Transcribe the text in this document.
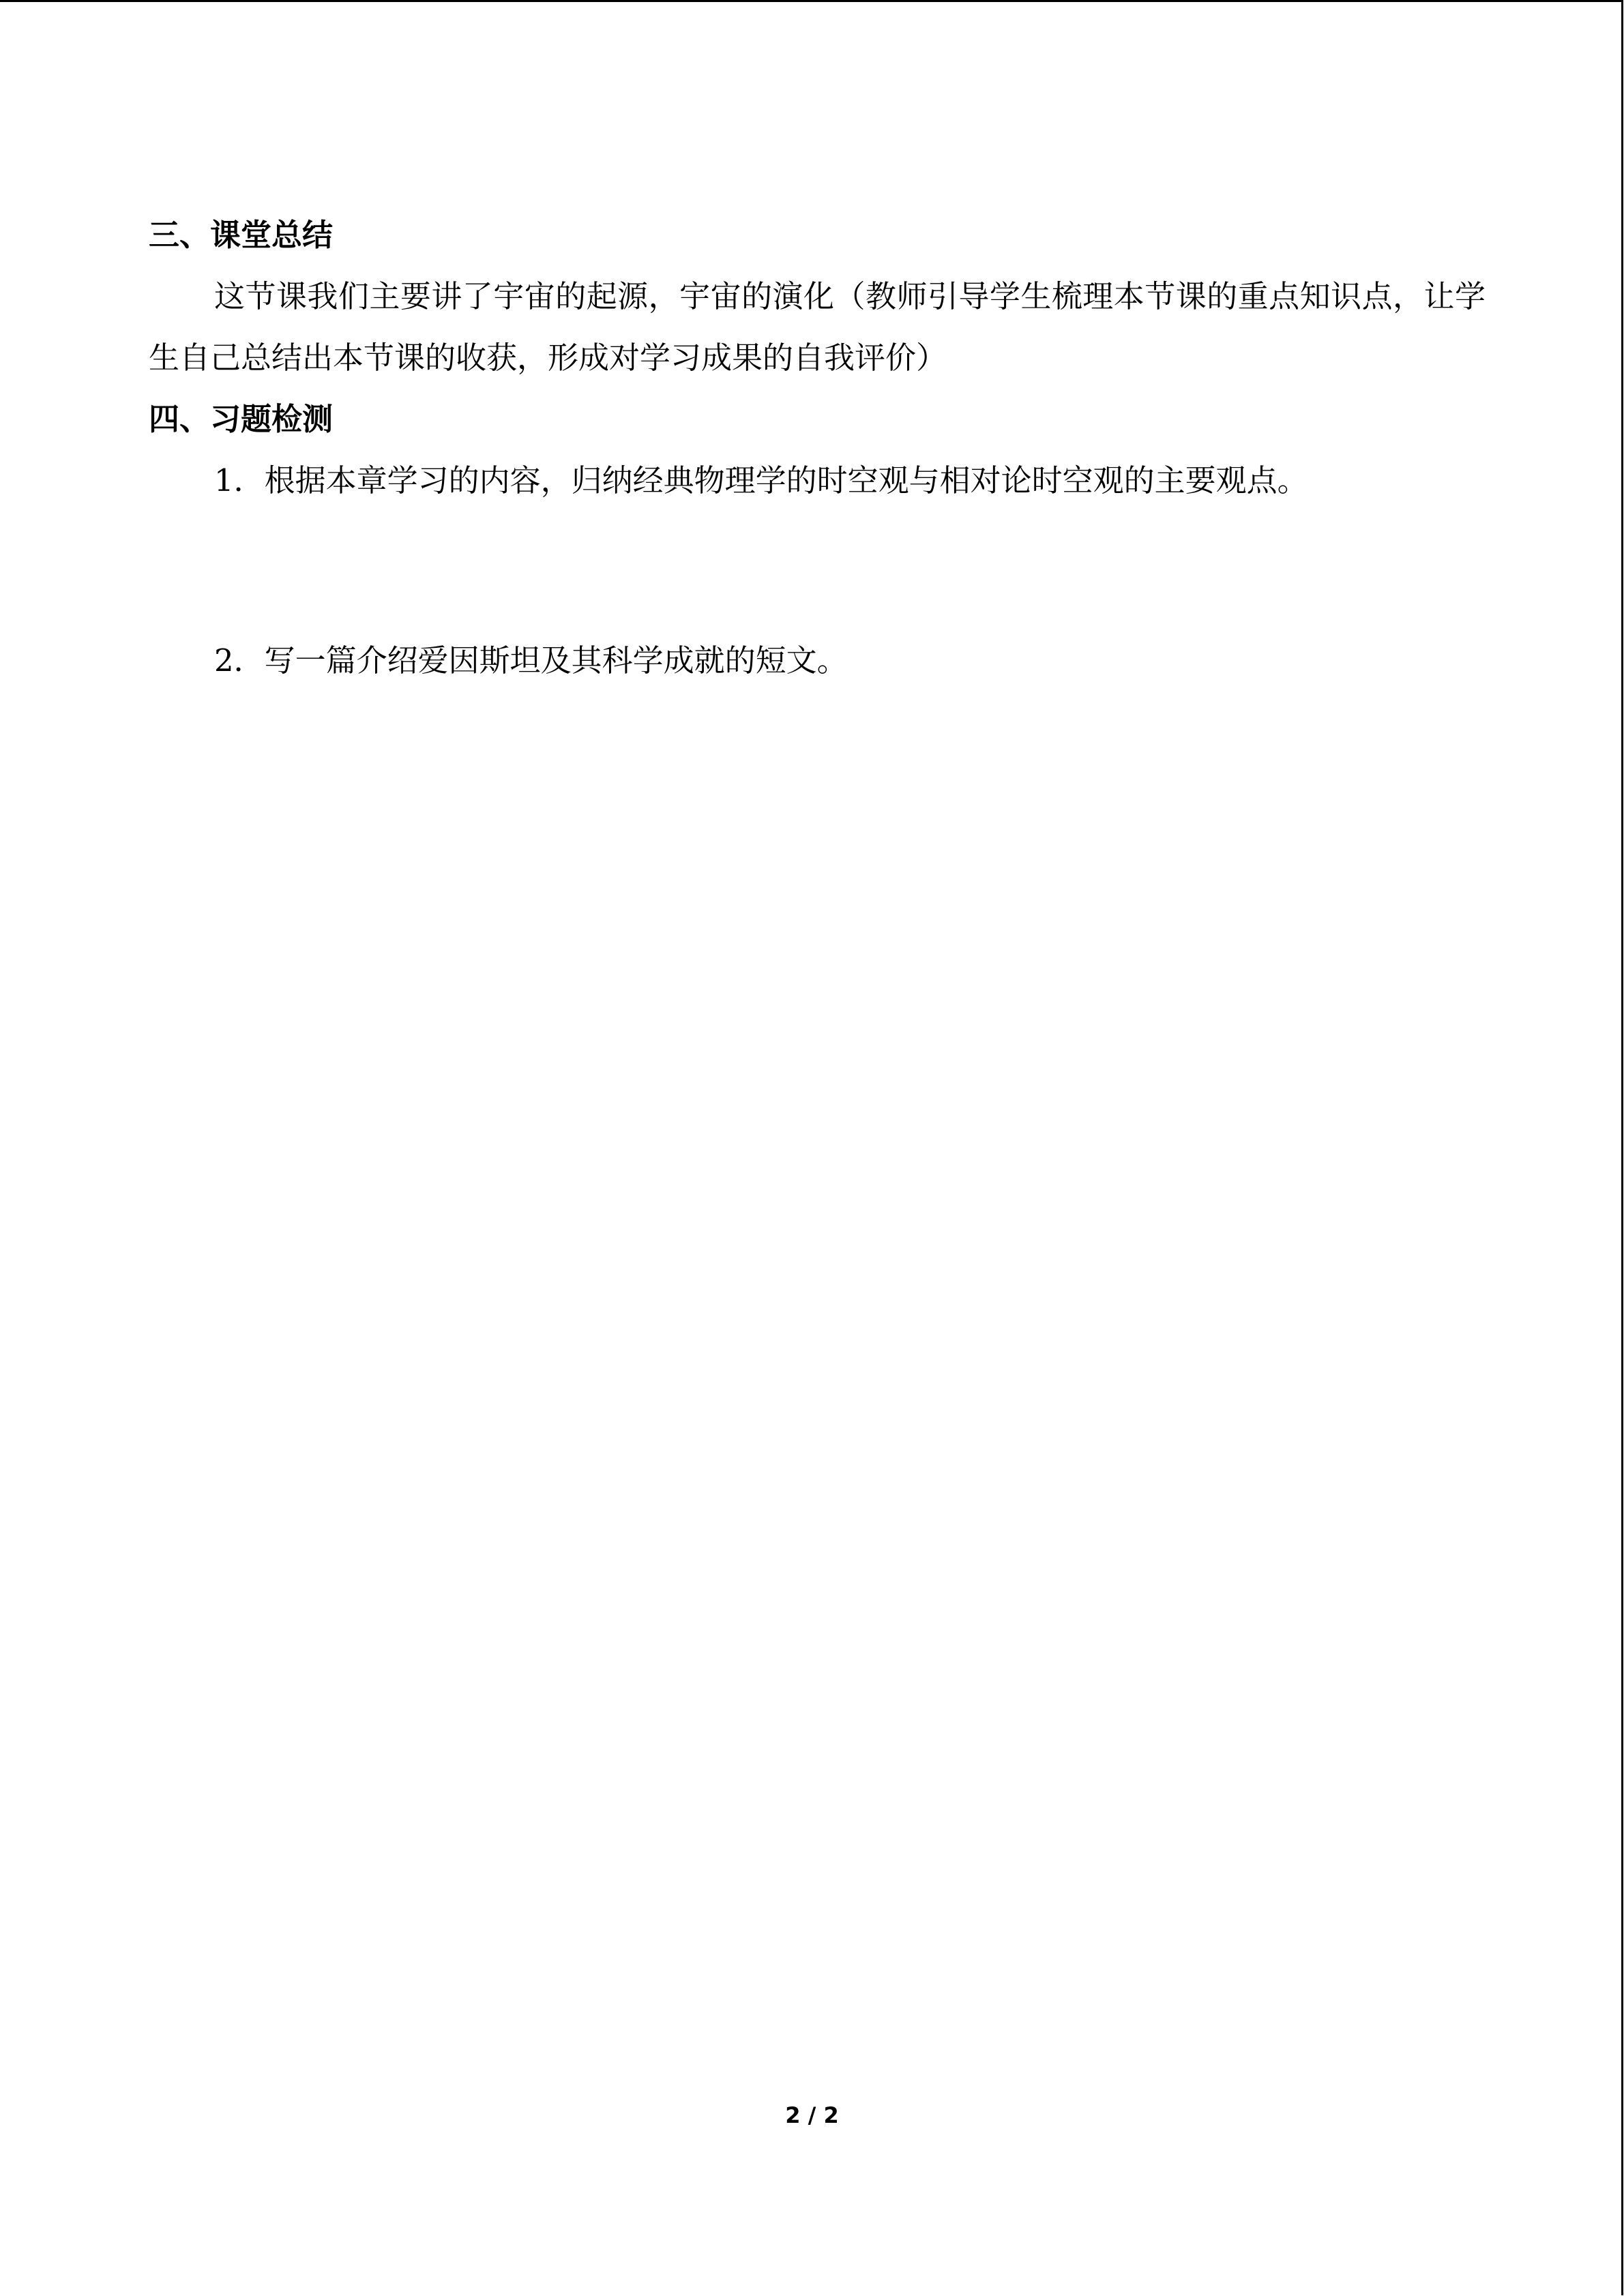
三、课堂总结

这节课我们主要讲了宇宙的起源，宇宙的演化（教师引导学生梳理本节课的重点知识点，让学生自己总结出本节课的收获，形成对学习成果的自我评价）

四、习题检测

1．根据本章学习的内容，归纳经典物理学的时空观与相对论时空观的主要观点。

2．写一篇介绍爱因斯坦及其科学成就的短文。

2 / 2
